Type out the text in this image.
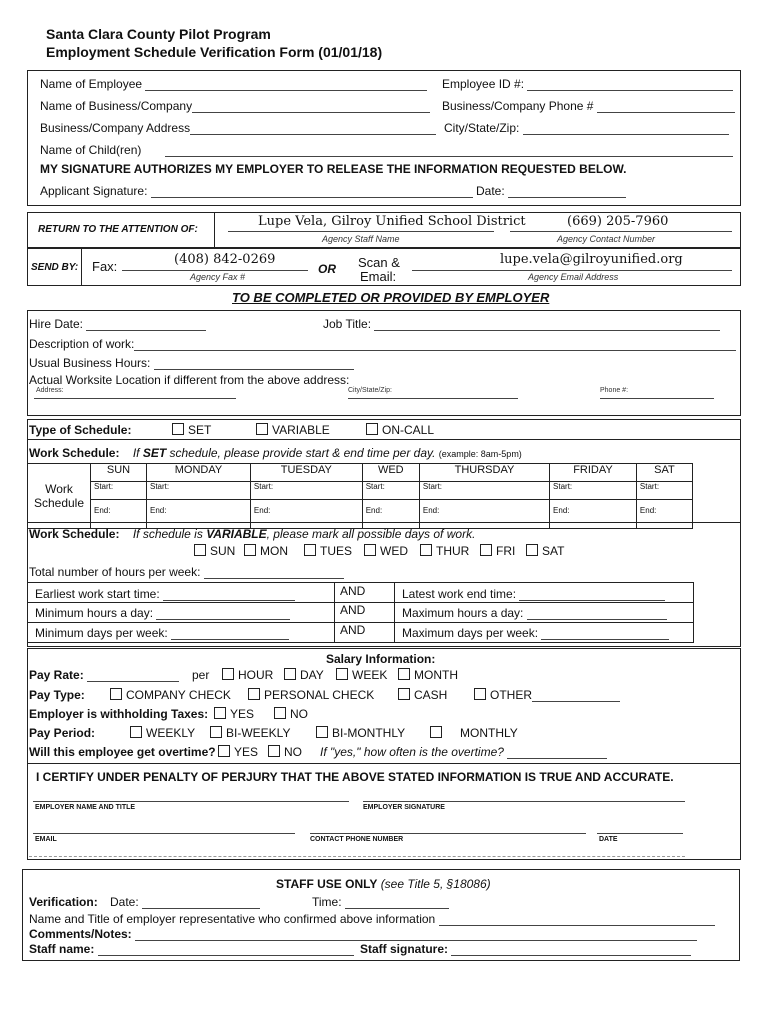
Santa Clara County Pilot Program
Employment Schedule Verification Form (01/01/18)
Name of Employee	Employee ID #:
Name of Business/Company	Business/Company Phone #
Business/Company Address	City/State/Zip:
Name of Child(ren)
MY SIGNATURE AUTHORIZES MY EMPLOYER TO RELEASE THE INFORMATION REQUESTED BELOW.
Applicant Signature:	Date:
RETURN TO THE ATTENTION OF:
Lupe Vela, Gilroy Unified School District
Agency Staff Name
(669) 205-7960
Agency Contact Number
SEND BY: Fax:	(408) 842-0269
Agency Fax #
OR Scan &
Email:
lupe.vela@gilroyunified.org
Agency Email Address
TO BE COMPLETED OR PROVIDED BY EMPLOYER
Hire Date:	Job Title:
Description of work:
Usual Business Hours:
Actual Worksite Location if different from the above address:
Address:	City/State/Zip:	Phone #:
Type of Schedule:	SET	VARIABLE	ON-CALL
Work Schedule: If SET schedule, please provide start & end time per day. (example: 8am-5pm)
Work
Schedule	SUN	MONDAY	TUESDAY	WED	THURSDAY	FRIDAY	SAT
	Start:	Start:	Start:	Start:	Start:	Start:	Start:
	End:	End:	End:	End:	End:	End:	End:
Work Schedule: If schedule is VARIABLE, please mark all possible days of work.
SUN	MON	TUES	WED	THUR	FRI	SAT
Total number of hours per week:
Earliest work start time:	AND	Latest work end time:
Minimum hours a day:	AND	Maximum hours a day:
Minimum days per week:	AND	Maximum days per week:
Salary Information:
Pay Rate:	per	HOUR	DAY	WEEK	MONTH
Pay Type:	COMPANY CHECK	PERSONAL CHECK	CASH	OTHER
Employer is withholding Taxes:	YES	NO
Pay Period:	WEEKLY	BI-WEEKLY	BI-MONTHLY	MONTHLY
Will this employee get overtime?	YES	NO If "yes," how often is the overtime?
I CERTIFY UNDER PENALTY OF PERJURY THAT THE ABOVE STATED INFORMATION IS TRUE AND ACCURATE.
EMPLOYER NAME AND TITLE	EMPLOYER SIGNATURE
EMAIL	CONTACT PHONE NUMBER	DATE
STAFF USE ONLY (see Title 5, §18086)
Verification: Date:	Time:
Name and Title of employer representative who confirmed above information
Comments/Notes:
Staff name:	Staff signature:
